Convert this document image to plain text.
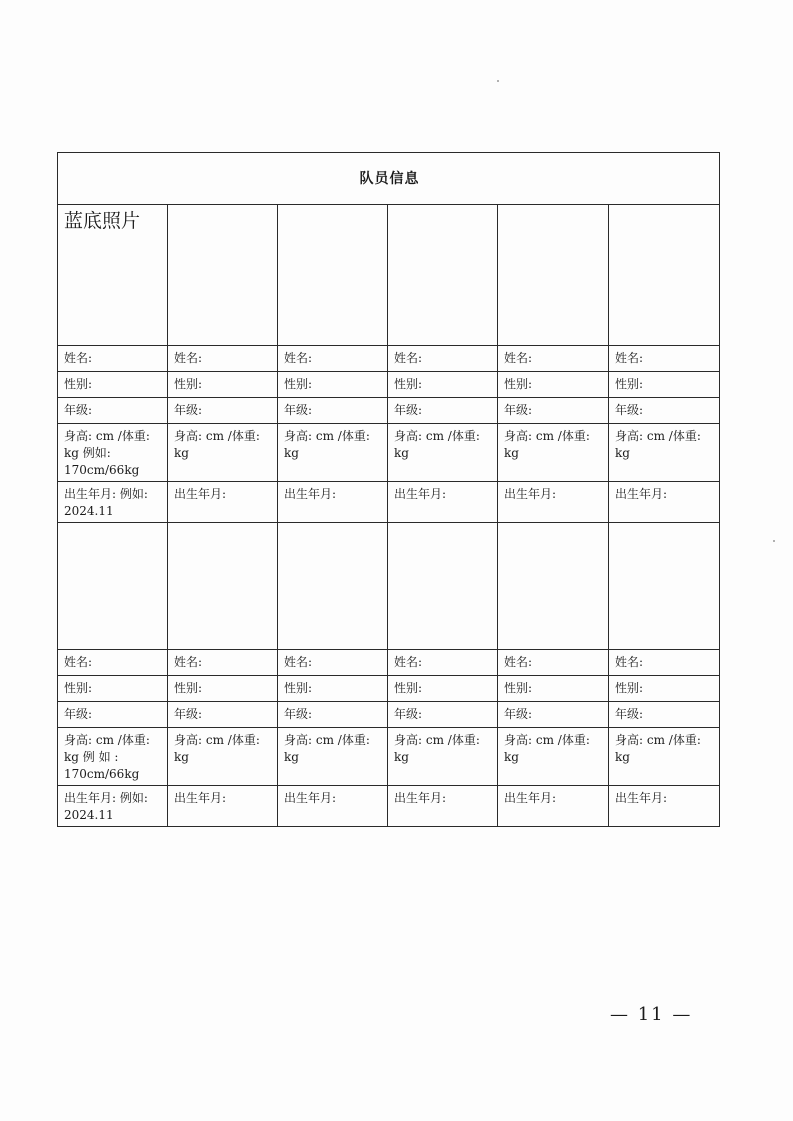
队员信息					
蓝底照片					
姓名:	姓名:	姓名:	姓名:	姓名:	姓名:
性别:	性别:	性别:	性别:	性别:	性别:
年级:	年级:	年级:	年级:	年级:	年级:
身高: cm /体重: kg 例如: 170cm/66kg	身高: cm /体重: kg	身高: cm /体重: kg	身高: cm /体重: kg	身高: cm /体重: kg	身高: cm /体重: kg
出生年月: 例如: 2024.11	出生年月:	出生年月:	出生年月:	出生年月:	出生年月:

姓名:	姓名:	姓名:	姓名:	姓名:	姓名:
性别:	性别:	性别:	性别:	性别:	性别:
年级:	年级:	年级:	年级:	年级:	年级:
身高: cm /体重: kg 例 如 : 170cm/66kg	身高: cm /体重: kg	身高: cm /体重: kg	身高: cm /体重: kg	身高: cm /体重: kg	身高: cm /体重: kg
出生年月: 例如: 2024.11	出生年月:	出生年月:	出生年月:	出生年月:	出生年月:
— 11 —
